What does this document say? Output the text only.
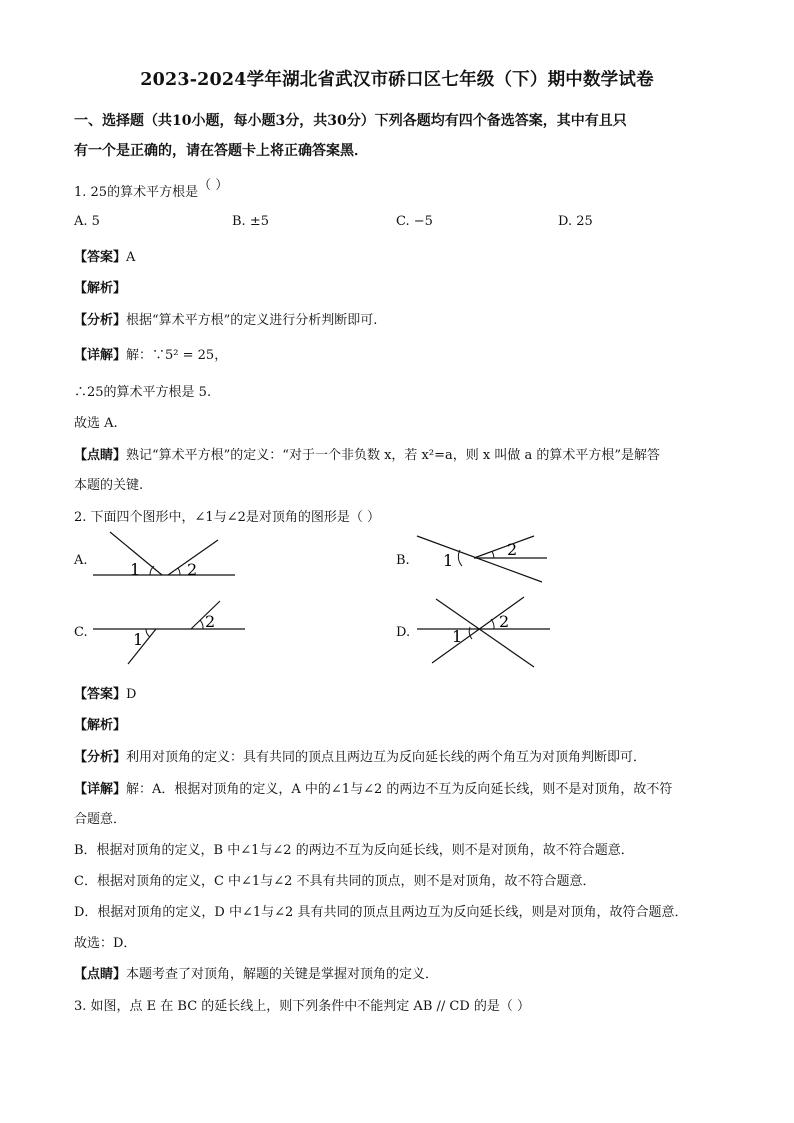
2023-2024学年湖北省武汉市硚口区七年级（下）期中数学试卷
一、选择题（共10小题，每小题3分，共30分）下列各题均有四个备选答案，其中有且只
有一个是正确的，请在答题卡上将正确答案黑．
1. 25的算术平方根是（ ）
A. 5	B. ±5	C. −5	D. 25
【答案】A
【解析】
【分析】根据“算术平方根”的定义进行分析判断即可.
【详解】解：∵5² = 25，
∴25的算术平方根是 5.
故选 A.
【点睛】熟记“算术平方根”的定义：“对于一个非负数 x，若 x²=a，则 x 叫做 a 的算术平方根”是解答
本题的关键.
2. 下面四个图形中，∠1与∠2是对顶角的图形是（ ）
A.	1	2	B. 1
2
C.	1
2
D.	1
2
【答案】D
【解析】
【分析】利用对顶角的定义：具有共同的顶点且两边互为反向延长线的两个角互为对顶角判断即可．
【详解】解：A．根据对顶角的定义，A 中的∠1与∠2 的两边不互为反向延长线，则不是对顶角，故不符
合题意．
B．根据对顶角的定义，B 中∠1与∠2 的两边不互为反向延长线，则不是对顶角，故不符合题意．
C．根据对顶角的定义，C 中∠1与∠2 不具有共同的顶点，则不是对顶角，故不符合题意．
D．根据对顶角的定义，D 中∠1与∠2 具有共同的顶点且两边互为反向延长线，则是对顶角，故符合题意．
故选：D．
【点睛】本题考查了对顶角，解题的关键是掌握对顶角的定义．
3. 如图，点 E 在 BC 的延长线上，则下列条件中不能判定 AB // CD 的是（ ）
